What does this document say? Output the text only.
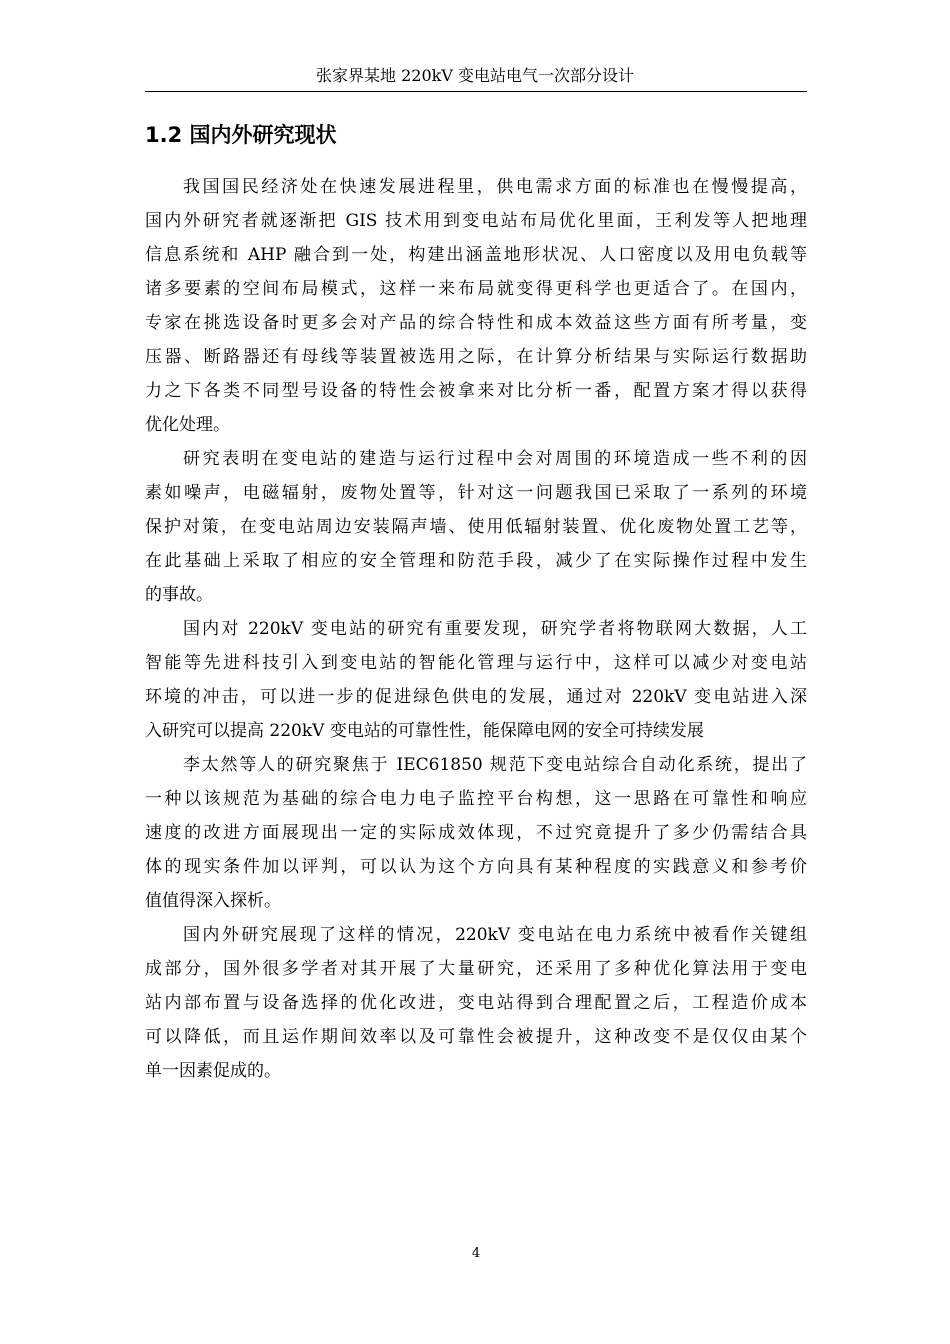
张家界某地 220kV 变电站电气一次部分设计
1.2 国内外研究现状
我国国民经济处在快速发展进程里，供电需求方面的标准也在慢慢提高，
国内外研究者就逐渐把 GIS 技术用到变电站布局优化里面，王利发等人把地理
信息系统和 AHP 融合到一处，构建出涵盖地形状况、人口密度以及用电负载等
诸多要素的空间布局模式，这样一来布局就变得更科学也更适合了。在国内，
专家在挑选设备时更多会对产品的综合特性和成本效益这些方面有所考量，变
压器、断路器还有母线等装置被选用之际，在计算分析结果与实际运行数据助
力之下各类不同型号设备的特性会被拿来对比分析一番，配置方案才得以获得
优化处理。
研究表明在变电站的建造与运行过程中会对周围的环境造成一些不利的因
素如噪声，电磁辐射，废物处置等，针对这一问题我国已采取了一系列的环境
保护对策，在变电站周边安装隔声墙、使用低辐射装置、优化废物处置工艺等，
在此基础上采取了相应的安全管理和防范手段，减少了在实际操作过程中发生
的事故。
国内对 220kV 变电站的研究有重要发现，研究学者将物联网大数据，人工
智能等先进科技引入到变电站的智能化管理与运行中，这样可以减少对变电站
环境的冲击，可以进一步的促进绿色供电的发展，通过对 220kV 变电站进入深
入研究可以提高 220kV 变电站的可靠性性，能保障电网的安全可持续发展
李太然等人的研究聚焦于 IEC61850 规范下变电站综合自动化系统，提出了
一种以该规范为基础的综合电力电子监控平台构想，这一思路在可靠性和响应
速度的改进方面展现出一定的实际成效体现，不过究竟提升了多少仍需结合具
体的现实条件加以评判，可以认为这个方向具有某种程度的实践意义和参考价
值值得深入探析。
国内外研究展现了这样的情况，220kV 变电站在电力系统中被看作关键组
成部分，国外很多学者对其开展了大量研究，还采用了多种优化算法用于变电
站内部布置与设备选择的优化改进，变电站得到合理配置之后，工程造价成本
可以降低，而且运作期间效率以及可靠性会被提升，这种改变不是仅仅由某个
单一因素促成的。
4
